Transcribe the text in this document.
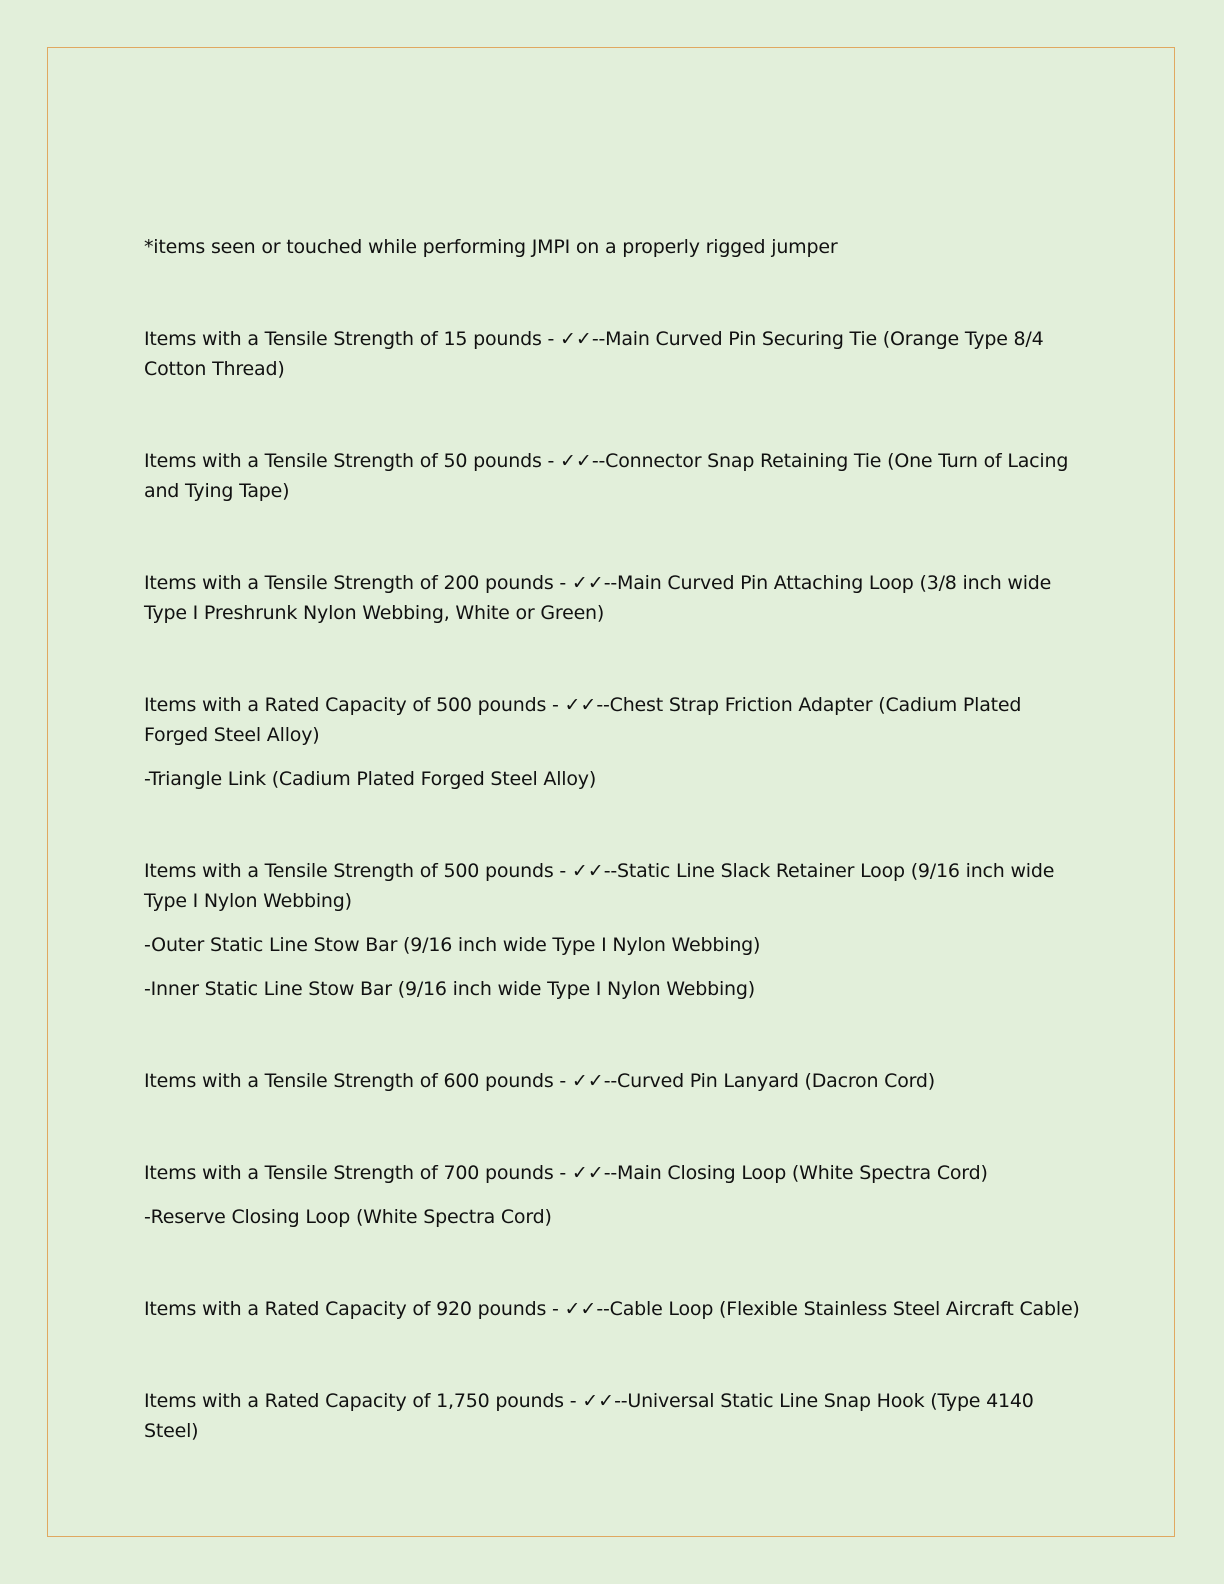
*items seen or touched while performing JMPI on a properly rigged jumper

Items with a Tensile Strength of 15 pounds - ✓✓--Main Curved Pin Securing Tie (Orange Type 8/4 Cotton Thread)

Items with a Tensile Strength of 50 pounds - ✓✓--Connector Snap Retaining Tie (One Turn of Lacing and Tying Tape)

Items with a Tensile Strength of 200 pounds - ✓✓--Main Curved Pin Attaching Loop (3/8 inch wide Type I Preshrunk Nylon Webbing, White or Green)

Items with a Rated Capacity of 500 pounds - ✓✓--Chest Strap Friction Adapter (Cadium Plated Forged Steel Alloy)

-Triangle Link (Cadium Plated Forged Steel Alloy)

Items with a Tensile Strength of 500 pounds - ✓✓--Static Line Slack Retainer Loop (9/16 inch wide Type I Nylon Webbing)

-Outer Static Line Stow Bar (9/16 inch wide Type I Nylon Webbing)

-Inner Static Line Stow Bar (9/16 inch wide Type I Nylon Webbing)

Items with a Tensile Strength of 600 pounds - ✓✓--Curved Pin Lanyard (Dacron Cord)

Items with a Tensile Strength of 700 pounds - ✓✓--Main Closing Loop (White Spectra Cord)

-Reserve Closing Loop (White Spectra Cord)

Items with a Rated Capacity of 920 pounds - ✓✓--Cable Loop (Flexible Stainless Steel Aircraft Cable)

Items with a Rated Capacity of 1,750 pounds - ✓✓--Universal Static Line Snap Hook (Type 4140 Steel)
